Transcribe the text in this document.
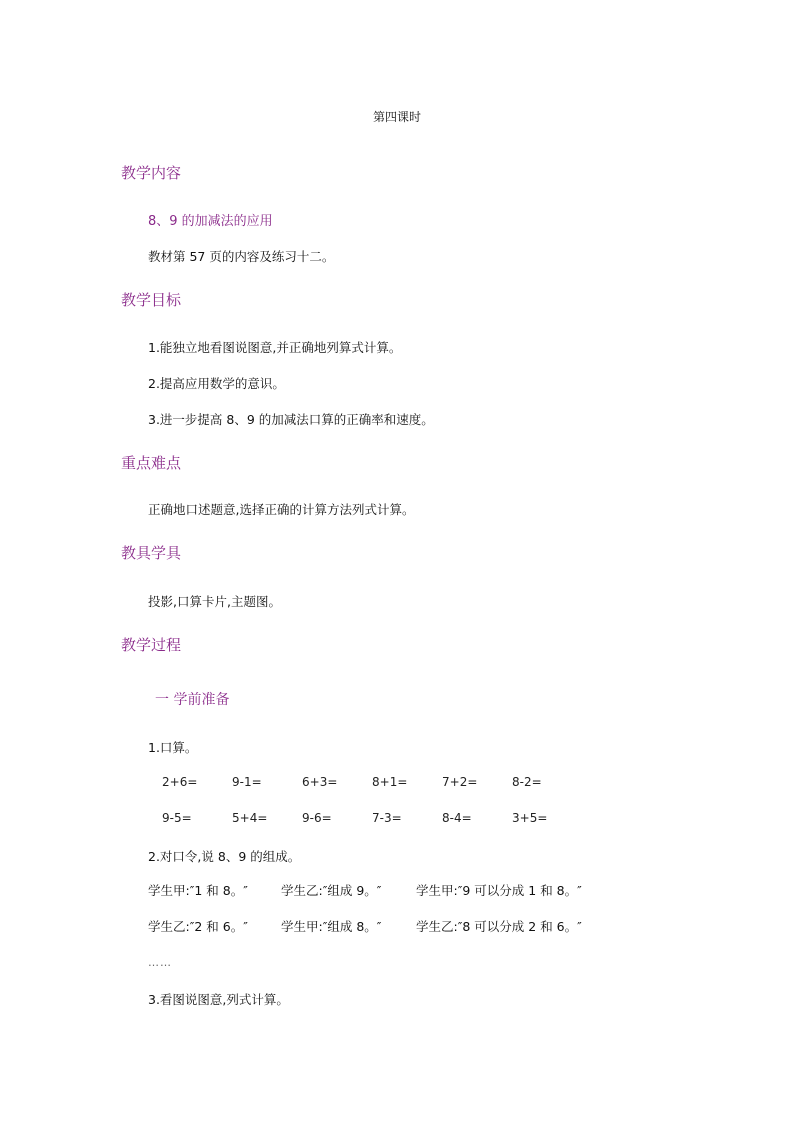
第四课时
教学内容
8、9 的加减法的应用
教材第 57 页的内容及练习十二。
教学目标
1.能独立地看图说图意,并正确地列算式计算。
2.提高应用数学的意识。
3.进一步提高 8、9 的加减法口算的正确率和速度。
重点难点
正确地口述题意,选择正确的计算方法列式计算。
教具学具
投影,口算卡片,主题图。
教学过程
一 学前准备
1.口算。
2+6=	9-1=	6+3=	8+1=	7+2=	8-2=
9-5=	5+4=	9-6=	7-3=	8-4=	3+5=
2.对口令,说 8、9 的组成。
学生甲:″1 和 8。″	学生乙:″组成 9。″	学生甲:″9 可以分成 1 和 8。″
学生乙:″2 和 6。″	学生甲:″组成 8。″	学生乙:″8 可以分成 2 和 6。″
……
3.看图说图意,列式计算。
